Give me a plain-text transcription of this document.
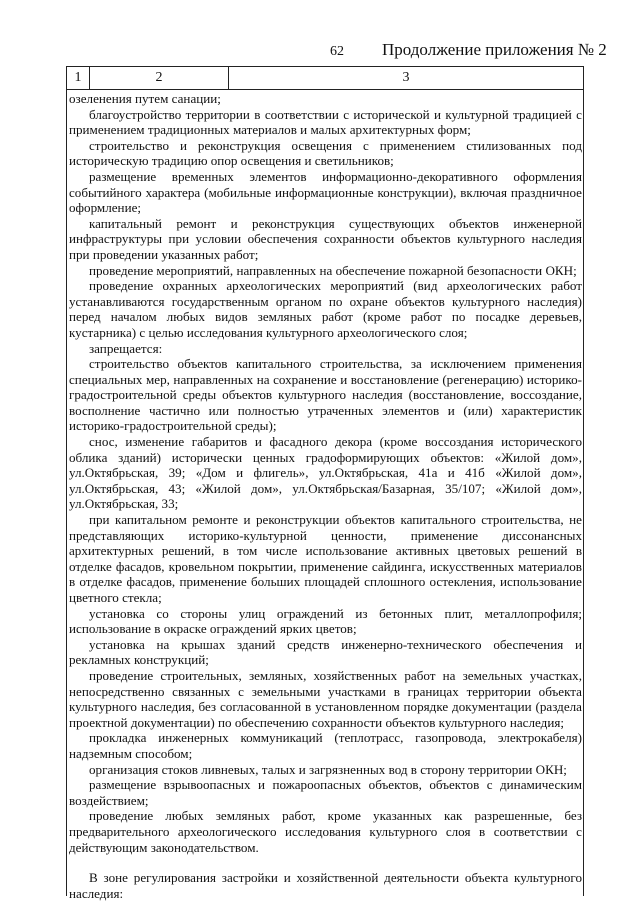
62 Продолжение приложения № 2
1	2	3

озеленения путем санации;

благоустройство территории в соответствии с исторической и культурной традицией с применением традиционных материалов и малых архитектурных форм;

строительство и реконструкция освещения с применением стилизованных под историческую традицию опор освещения и светильников;

размещение временных элементов информационно-декоративного оформления событийного характера (мобильные информационные конструкции), включая праздничное оформление;

капитальный ремонт и реконструкция существующих объектов инженерной инфраструктуры при условии обеспечения сохранности объектов культурного наследия при проведении указанных работ;

проведение мероприятий, направленных на обеспечение пожарной безопасности ОКН;

проведение охранных археологических мероприятий (вид археологических работ устанавливаются государственным органом по охране объектов культурного наследия) перед началом любых видов земляных работ (кроме работ по посадке деревьев, кустарника) с целью исследования культурного археологического слоя;

запрещается:

строительство объектов капитального строительства, за исключением применения специальных мер, направленных на сохранение и восстановление (регенерацию) историко-градостроительной среды объектов культурного наследия (восстановление, воссоздание, восполнение частично или полностью утраченных элементов и (или) характеристик историко-градостроительной среды);

снос, изменение габаритов и фасадного декора (кроме воссоздания исторического облика зданий) исторически ценных градоформирующих объектов: «Жилой дом», ул.Октябрьская, 39; «Дом и флигель», ул.Октябрьская, 41а и 41б «Жилой дом», ул.Октябрьская, 43; «Жилой дом», ул.Октябрьская/Базарная, 35/107; «Жилой дом», ул.Октябрьская, 33;

при капитальном ремонте и реконструкции объектов капитального строительства, не представляющих историко-культурной ценности, применение диссонансных архитектурных решений, в том числе использование активных цветовых решений в отделке фасадов, кровельном покрытии, применение сайдинга, искусственных материалов в отделке фасадов, применение больших площадей сплошного остекления, использование цветного стекла;

установка со стороны улиц ограждений из бетонных плит, металлопрофиля; использование в окраске ограждений ярких цветов;

установка на крышах зданий средств инженерно-технического обеспечения и рекламных конструкций;

проведение строительных, земляных, хозяйственных работ на земельных участках, непосредственно связанных с земельными участками в границах территории объекта культурного наследия, без согласованной в установленном порядке документации (раздела проектной документации) по обеспечению сохранности объектов культурного наследия;

прокладка инженерных коммуникаций (теплотрасс, газопровода, электрокабеля) надземным способом;

организация стоков ливневых, талых и загрязненных вод в сторону территории ОКН;

размещение взрывоопасных и пожароопасных объектов, объектов с динамическим воздействием;

проведение любых земляных работ, кроме указанных как разрешенные, без предварительного археологического исследования культурного слоя в соответствии с действующим законодательством.

В зоне регулирования застройки и хозяйственной деятельности объекта культурного наследия:
